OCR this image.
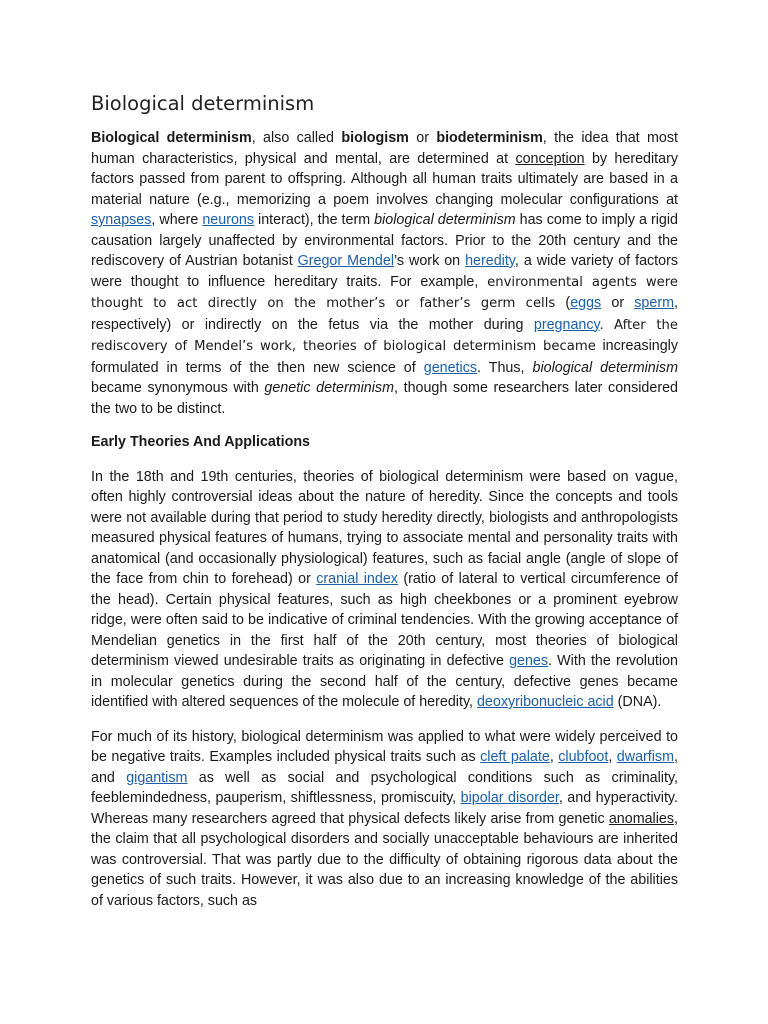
Biological determinism

Biological determinism, also called biologism or biodeterminism, the idea that most human characteristics, physical and mental, are determined at conception by hereditary factors passed from parent to offspring. Although all human traits ultimately are based in a material nature (e.g., memorizing a poem involves changing molecular configurations at synapses, where neurons interact), the term biological determinism has come to imply a rigid causation largely unaffected by environmental factors. Prior to the 20th century and the rediscovery of Austrian botanist Gregor Mendel’s work on heredity, a wide variety of factors were thought to influence hereditary traits. For example, environmental agents were thought to act directly on the mother’s or father’s germ cells (eggs or sperm, respectively) or indirectly on the fetus via the mother during pregnancy. After the rediscovery of Mendel’s work, theories of biological determinism became increasingly formulated in terms of the then new science of genetics. Thus, biological determinism became synonymous with genetic determinism, though some researchers later considered the two to be distinct.

Early Theories And Applications

In the 18th and 19th centuries, theories of biological determinism were based on vague, often highly controversial ideas about the nature of heredity. Since the concepts and tools were not available during that period to study heredity directly, biologists and anthropologists measured physical features of humans, trying to associate mental and personality traits with anatomical (and occasionally physiological) features, such as facial angle (angle of slope of the face from chin to forehead) or cranial index (ratio of lateral to vertical circumference of the head). Certain physical features, such as high cheekbones or a prominent eyebrow ridge, were often said to be indicative of criminal tendencies. With the growing acceptance of Mendelian genetics in the first half of the 20th century, most theories of biological determinism viewed undesirable traits as originating in defective genes. With the revolution in molecular genetics during the second half of the century, defective genes became identified with altered sequences of the molecule of heredity, deoxyribonucleic acid (DNA).

For much of its history, biological determinism was applied to what were widely perceived to be negative traits. Examples included physical traits such as cleft palate, clubfoot, dwarfism, and gigantism as well as social and psychological conditions such as criminality, feeblemindedness, pauperism, shiftlessness, promiscuity, bipolar disorder, and hyperactivity. Whereas many researchers agreed that physical defects likely arise from genetic anomalies, the claim that all psychological disorders and socially unacceptable behaviours are inherited was controversial. That was partly due to the difficulty of obtaining rigorous data about the genetics of such traits. However, it was also due to an increasing knowledge of the abilities of various factors, such as
